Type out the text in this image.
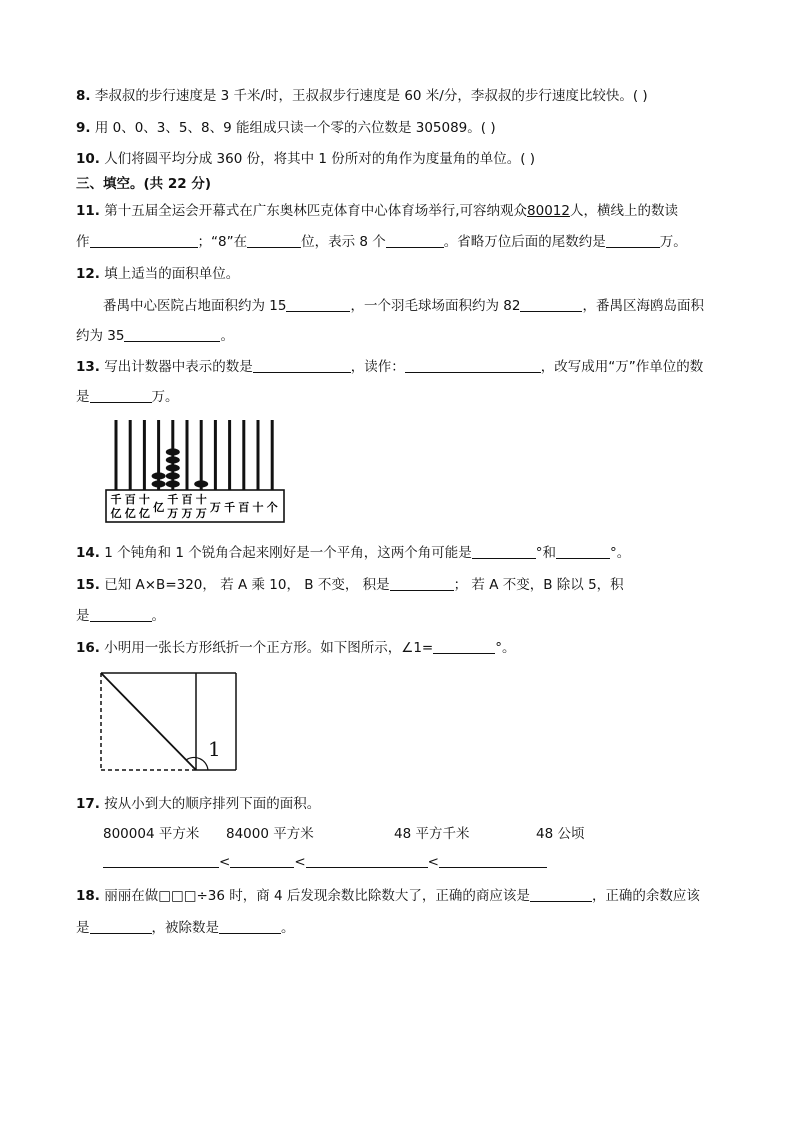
8. 李叔叔的步行速度是 3 千米/时，王叔叔步行速度是 60 米/分，李叔叔的步行速度比较快。( )
9. 用 0、0、3、5、8、9 能组成只读一个零的六位数是 305089。( )
10. 人们将圆平均分成 360 份，将其中 1 份所对的角作为度量角的单位。( )
三、填空。(共 22 分)
11. 第十五届全运会开幕式在广东奥林匹克体育中心体育场举行,可容纳观众80012人，横线上的数读
作	；“8”在	位，表示 8 个	。省略万位后面的尾数约是	万。
12. 填上适当的面积单位。
番禺中心医院占地面积约为 15	，一个羽毛球场面积约为 82	，番禺区海鸥岛面积
约为 35	。
13. 写出计数器中表示的数是	，读作：	，改写成用“万”作单位的数
是	万。
千
亿
百
亿
十
亿 亿
千
万
百
万
十
万 万 千 百 十 个
14. 1 个钝角和 1 个锐角合起来刚好是一个平角，这两个角可能是	°和	°。
15. 已知 A×B=320， 若 A 乘 10， B 不变， 积是	； 若 A 不变，B 除以 5，积
是	。
16. 小明用一张长方形纸折一个正方形。如下图所示，∠1=	°。
1
17. 按从小到大的顺序排列下面的面积。
800004 平方米 84000 平方米	48 平方千米	48 公顷
<	<	<
18. 丽丽在做□□□÷36 时，商 4 后发现余数比除数大了，正确的商应该是	，正确的余数应该
是	，被除数是	。
